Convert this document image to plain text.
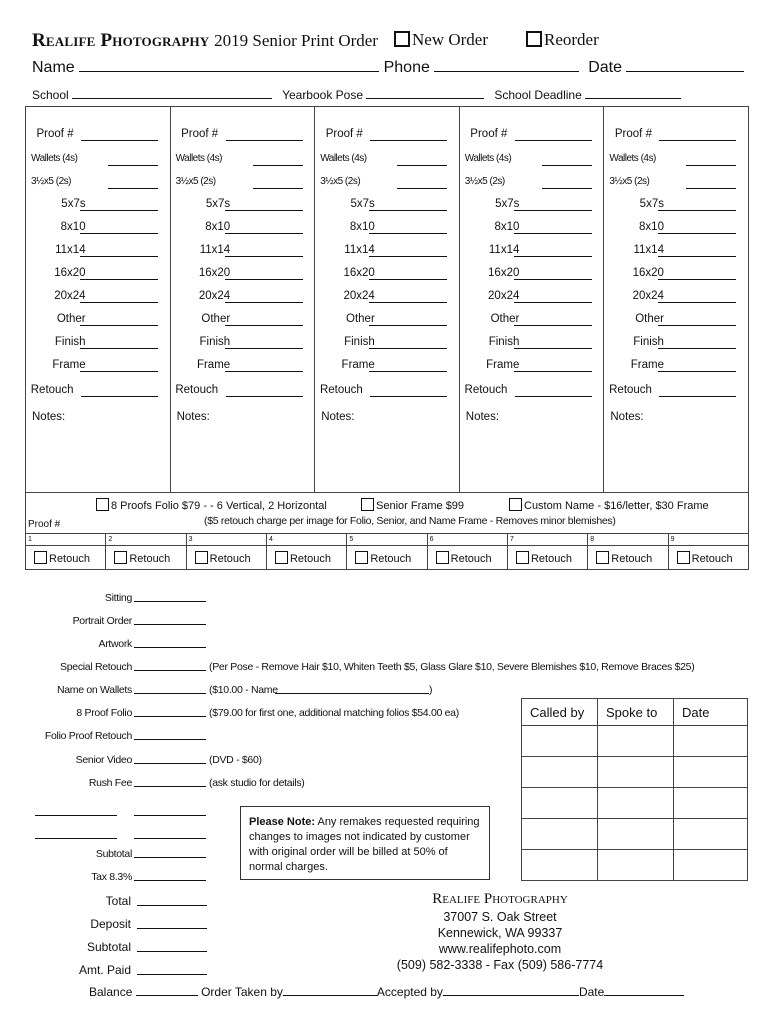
Realife Photography 2019 Senior Print Order	New Order	Reorder
Name	Phone	Date
School	Yearbook Pose	School Deadline
Proof #
Wallets (4s)
3½x5 (2s)
5x7s
8x10
11x14
16x20
20x24
Other
Finish
Frame
Retouch
Notes:
Proof #
Wallets (4s)
3½x5 (2s)
5x7s
8x10
11x14
16x20
20x24
Other
Finish
Frame
Retouch
Notes:
Proof #
Wallets (4s)
3½x5 (2s)
5x7s
8x10
11x14
16x20
20x24
Other
Finish
Frame
Retouch
Notes:
Proof #
Wallets (4s)
3½x5 (2s)
5x7s
8x10
11x14
16x20
20x24
Other
Finish
Frame
Retouch
Notes:
Proof #
Wallets (4s)
3½x5 (2s)
5x7s
8x10
11x14
16x20
20x24
Other
Finish
Frame
Retouch
Notes:
8 Proofs Folio $79 - - 6 Vertical, 2 Horizontal	Senior Frame $99	Custom Name - $16/letter, $30 Frame
($5 retouch charge per image for Folio, Senior, and Name Frame - Removes minor blemishes)
Proof #
1	2	3	4	5	6	7	8	9
Retouch	Retouch	Retouch	Retouch	Retouch	Retouch	Retouch	Retouch	Retouch
Sitting
Portrait Order
Artwork
Special Retouch	(Per Pose - Remove Hair $10, Whiten Teeth $5, Glass Glare $10, Severe Blemishes $10, Remove Braces $25)
Name on Wallets	($10.00 - Name	)
8 Proof Folio	($79.00 for first one, additional matching folios $54.00 ea)
Folio Proof Retouch
Senior Video	(DVD - $60)
Rush Fee	(ask studio for details)
Subtotal
Tax 8.3%
Total
Deposit
Subtotal
Amt. Paid
Balance	Order Taken by	Accepted by	Date
Please Note: Any remakes requested requiring changes to images not indicated by customer with original order will be billed at 50% of normal charges.
Called by	Spoke to	Date

Realife Photography
37007 S. Oak Street
Kennewick, WA 99337
www.realifephoto.com
(509) 582-3338 - Fax (509) 586-7774
